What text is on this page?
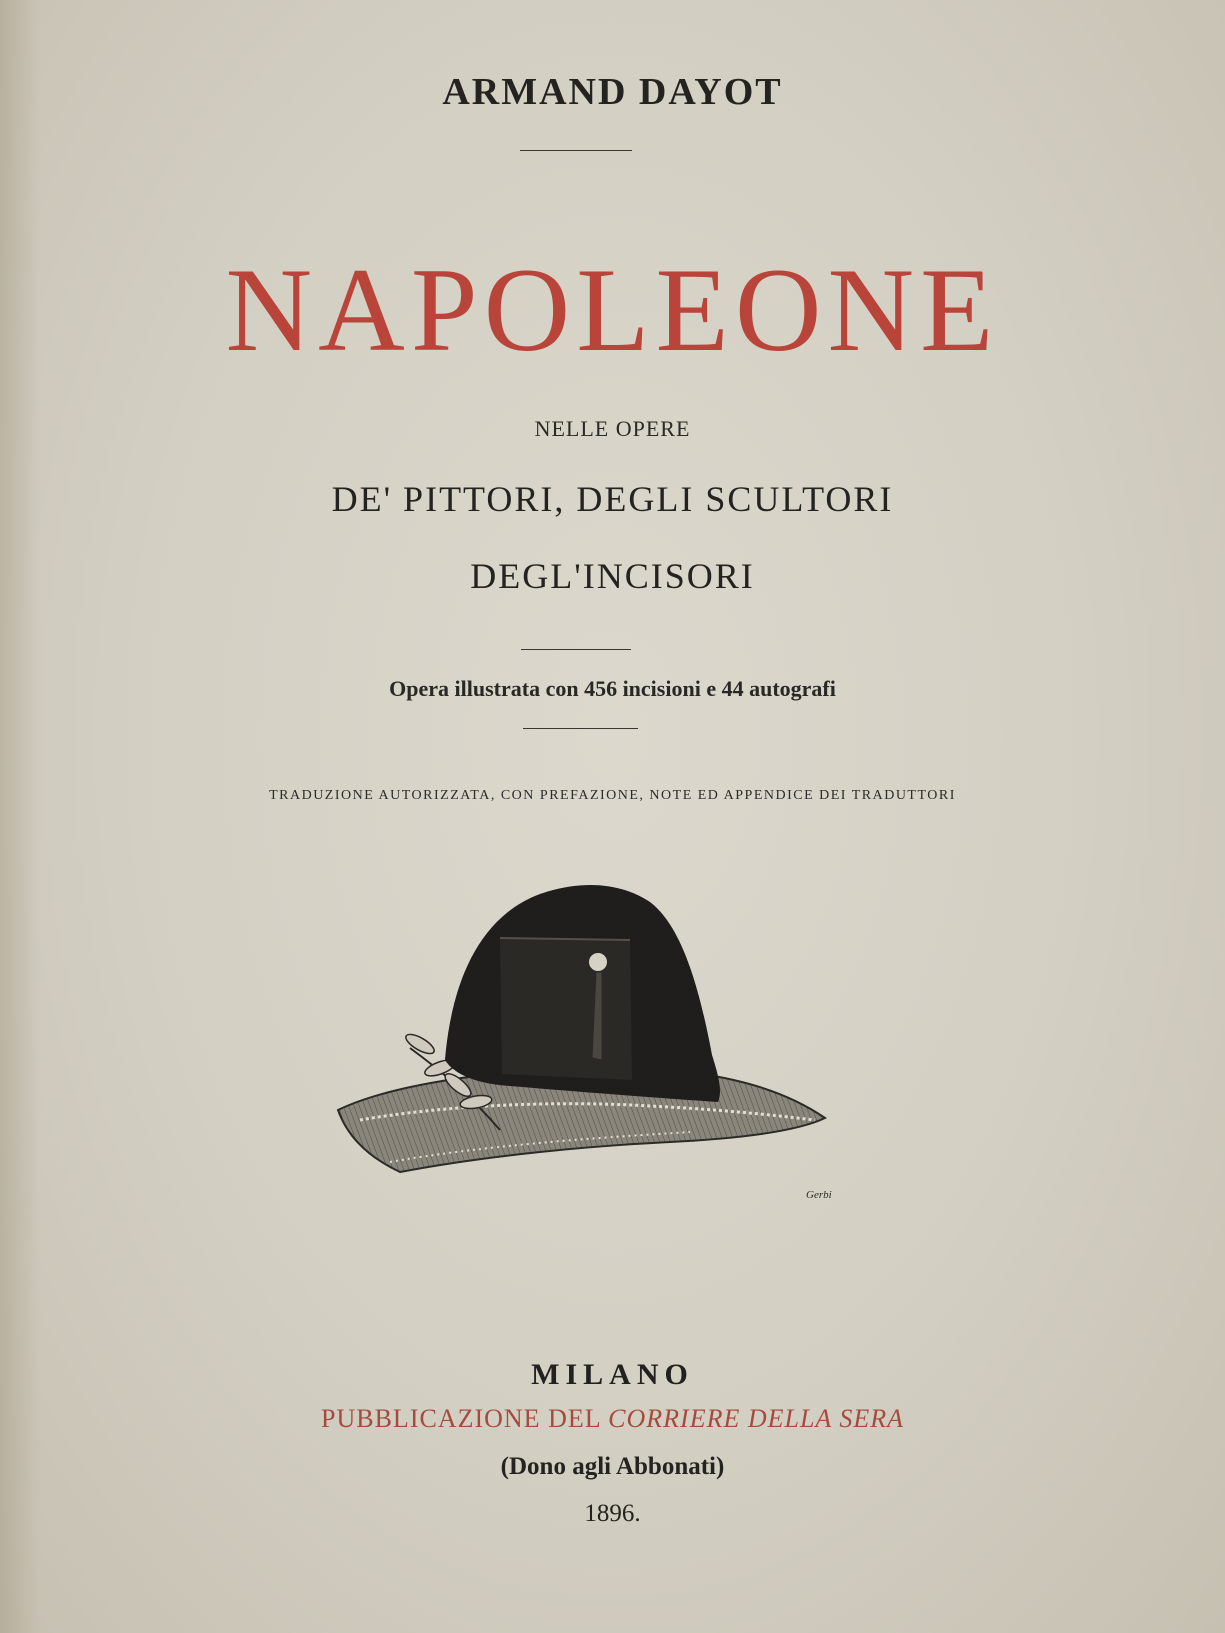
ARMAND DAYOT
NAPOLEONE
NELLE OPERE
DE' PITTORI, DEGLI SCULTORI
DEGL'INCISORI
Opera illustrata con 456 incisioni e 44 autografi
TRADUZIONE AUTORIZZATA, CON PREFAZIONE, NOTE ED APPENDICE DEI TRADUTTORI
Gerbi
MILANO
PUBBLICAZIONE DEL CORRIERE DELLA SERA
(Dono agli Abbonati)
1896.
